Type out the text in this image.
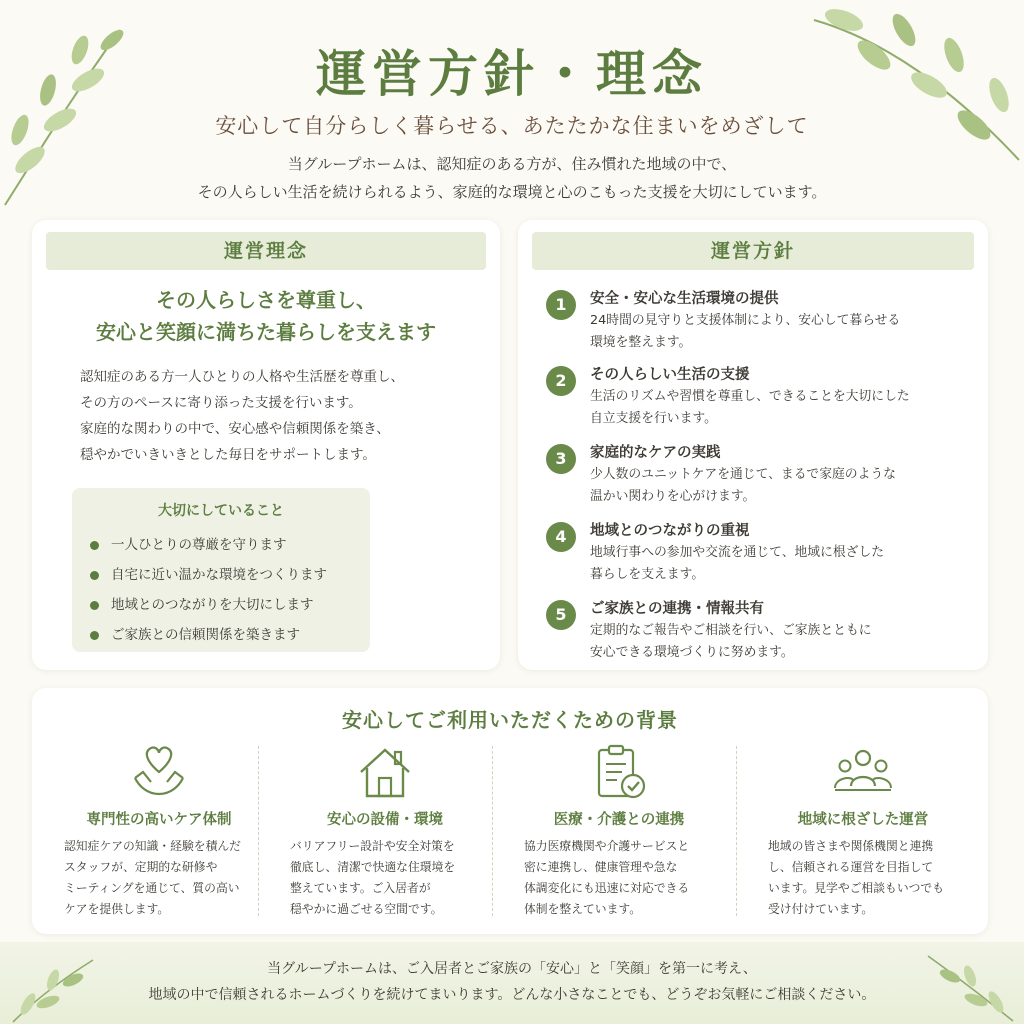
運営方針・理念
安心して自分らしく暮らせる、あたたかな住まいをめざして
当グループホームは、認知症のある方が、住み慣れた地域の中で、
その人らしい生活を続けられるよう、家庭的な環境と心のこもった支援を大切にしています。
運営理念
その人らしさを尊重し、
安心と笑顔に満ちた暮らしを支えます
認知症のある方一人ひとりの人格や生活歴を尊重し、
その方のペースに寄り添った支援を行います。
家庭的な関わりの中で、安心感や信頼関係を築き、
穏やかでいきいきとした毎日をサポートします。
大切にしていること
一人ひとりの尊厳を守ります
自宅に近い温かな環境をつくります
地域とのつながりを大切にします
ご家族との信頼関係を築きます
運営方針
1	安全・安心な生活環境の提供
24時間の見守りと支援体制により、安心して暮らせる
環境を整えます。
2	その人らしい生活の支援
生活のリズムや習慣を尊重し、できることを大切にした
自立支援を行います。
3	家庭的なケアの実践
少人数のユニットケアを通じて、まるで家庭のような
温かい関わりを心がけます。
4	地域とのつながりの重視
地域行事への参加や交流を通じて、地域に根ざした
暮らしを支えます。
5	ご家族との連携・情報共有
定期的なご報告やご相談を行い、ご家族とともに
安心できる環境づくりに努めます。
安心してご利用いただくための背景
専門性の高いケア体制
認知症ケアの知識・経験を積んだ
スタッフが、定期的な研修や
ミーティングを通じて、質の高い
ケアを提供します。
安心の設備・環境
バリアフリー設計や安全対策を
徹底し、清潔で快適な住環境を
整えています。ご入居者が
穏やかに過ごせる空間です。
医療・介護との連携
協力医療機関や介護サービスと
密に連携し、健康管理や急な
体調変化にも迅速に対応できる
体制を整えています。
地域に根ざした運営
地域の皆さまや関係機関と連携
し、信頼される運営を目指して
います。見学やご相談もいつでも
受け付けています。
当グループホームは、ご入居者とご家族の「安心」と「笑顔」を第一に考え、
地域の中で信頼されるホームづくりを続けてまいります。どんな小さなことでも、どうぞお気軽にご相談ください。
